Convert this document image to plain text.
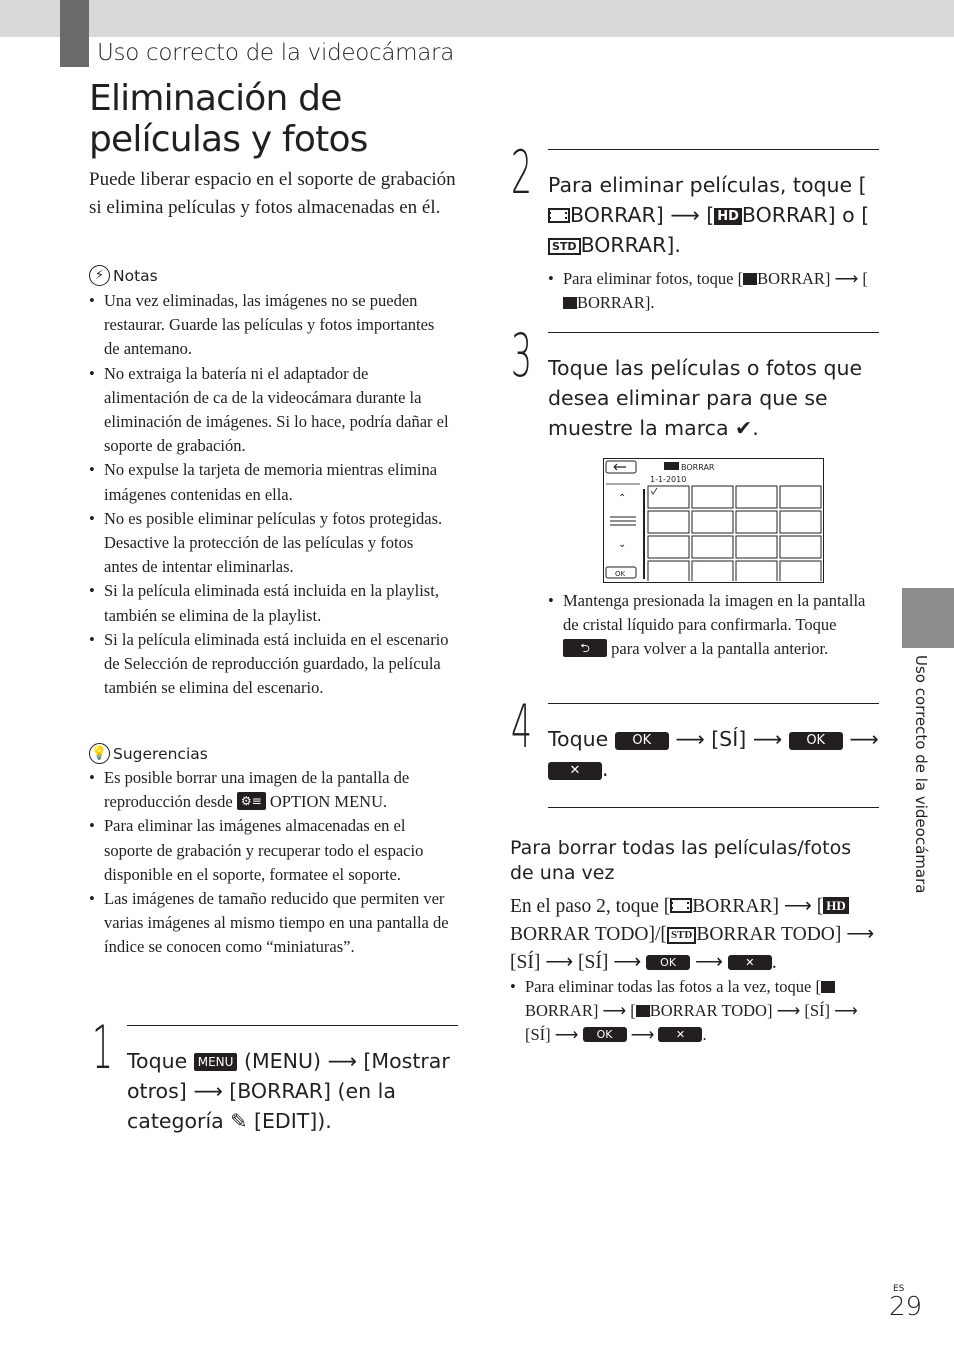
Uso correcto de la videocámara
Eliminación de
películas y fotos

Puede liberar espacio en el soporte de grabación si elimina películas y fotos almacenadas en él.

⚡ Notas
• Una vez eliminadas, las imágenes no se pueden restaurar. Guarde las películas y fotos importantes de antemano.
• No extraiga la batería ni el adaptador de alimentación de ca de la videocámara durante la eliminación de imágenes. Si lo hace, podría dañar el soporte de grabación.
• No expulse la tarjeta de memoria mientras elimina imágenes contenidas en ella.
• No es posible eliminar películas y fotos protegidas. Desactive la protección de las películas y fotos antes de intentar eliminarlas.
• Si la película eliminada está incluida en la playlist, también se elimina de la playlist.
• Si la película eliminada está incluida en el escenario de Selección de reproducción guardado, la película también se elimina del escenario.
💡 Sugerencias
• Es posible borrar una imagen de la pantalla de reproducción desde ⚙≡ OPTION MENU.
• Para eliminar las imágenes almacenadas en el soporte de grabación y recuperar todo el espacio disponible en el soporte, formatee el soporte.
• Las imágenes de tamaño reducido que permiten ver varias imágenes al mismo tiempo en una pantalla de índice se conocen como “miniaturas”.
1 Toque MENU (MENU) ⟶ [Mostrar otros] ⟶ [BORRAR] (en la categoría ✎ [EDIT]).
2 Para eliminar películas, toque [BORRAR] ⟶ [ HD BORRAR] o [STD BORRAR].
• Para eliminar fotos, toque [ BORRAR] ⟶ [BORRAR].
3 Toque las películas o fotos que desea eliminar para que se muestre la marca ✔.
BORRAR
1-1-2010
⌃
⌄
OK
• Mantenga presionada la imagen en la pantalla de cristal líquido para confirmarla. Toque ⮌ para volver a la pantalla anterior.
4 Toque OK ⟶ [SÍ] ⟶ OK ⟶ ✕ .
Para borrar todas las películas/fotos de una vez
En el paso 2, toque [ BORRAR] ⟶ [ HDBORRAR TODO]/[ STD BORRAR TODO] ⟶ [SÍ] ⟶ [SÍ] ⟶ OK ⟶ ✕ .
• Para eliminar todas las fotos a la vez, toque [BORRAR] ⟶ [ BORRAR TODO] ⟶ [SÍ] ⟶ [SÍ] ⟶ OK ⟶ ✕ .
Uso correcto de la videocámara
ES
29
